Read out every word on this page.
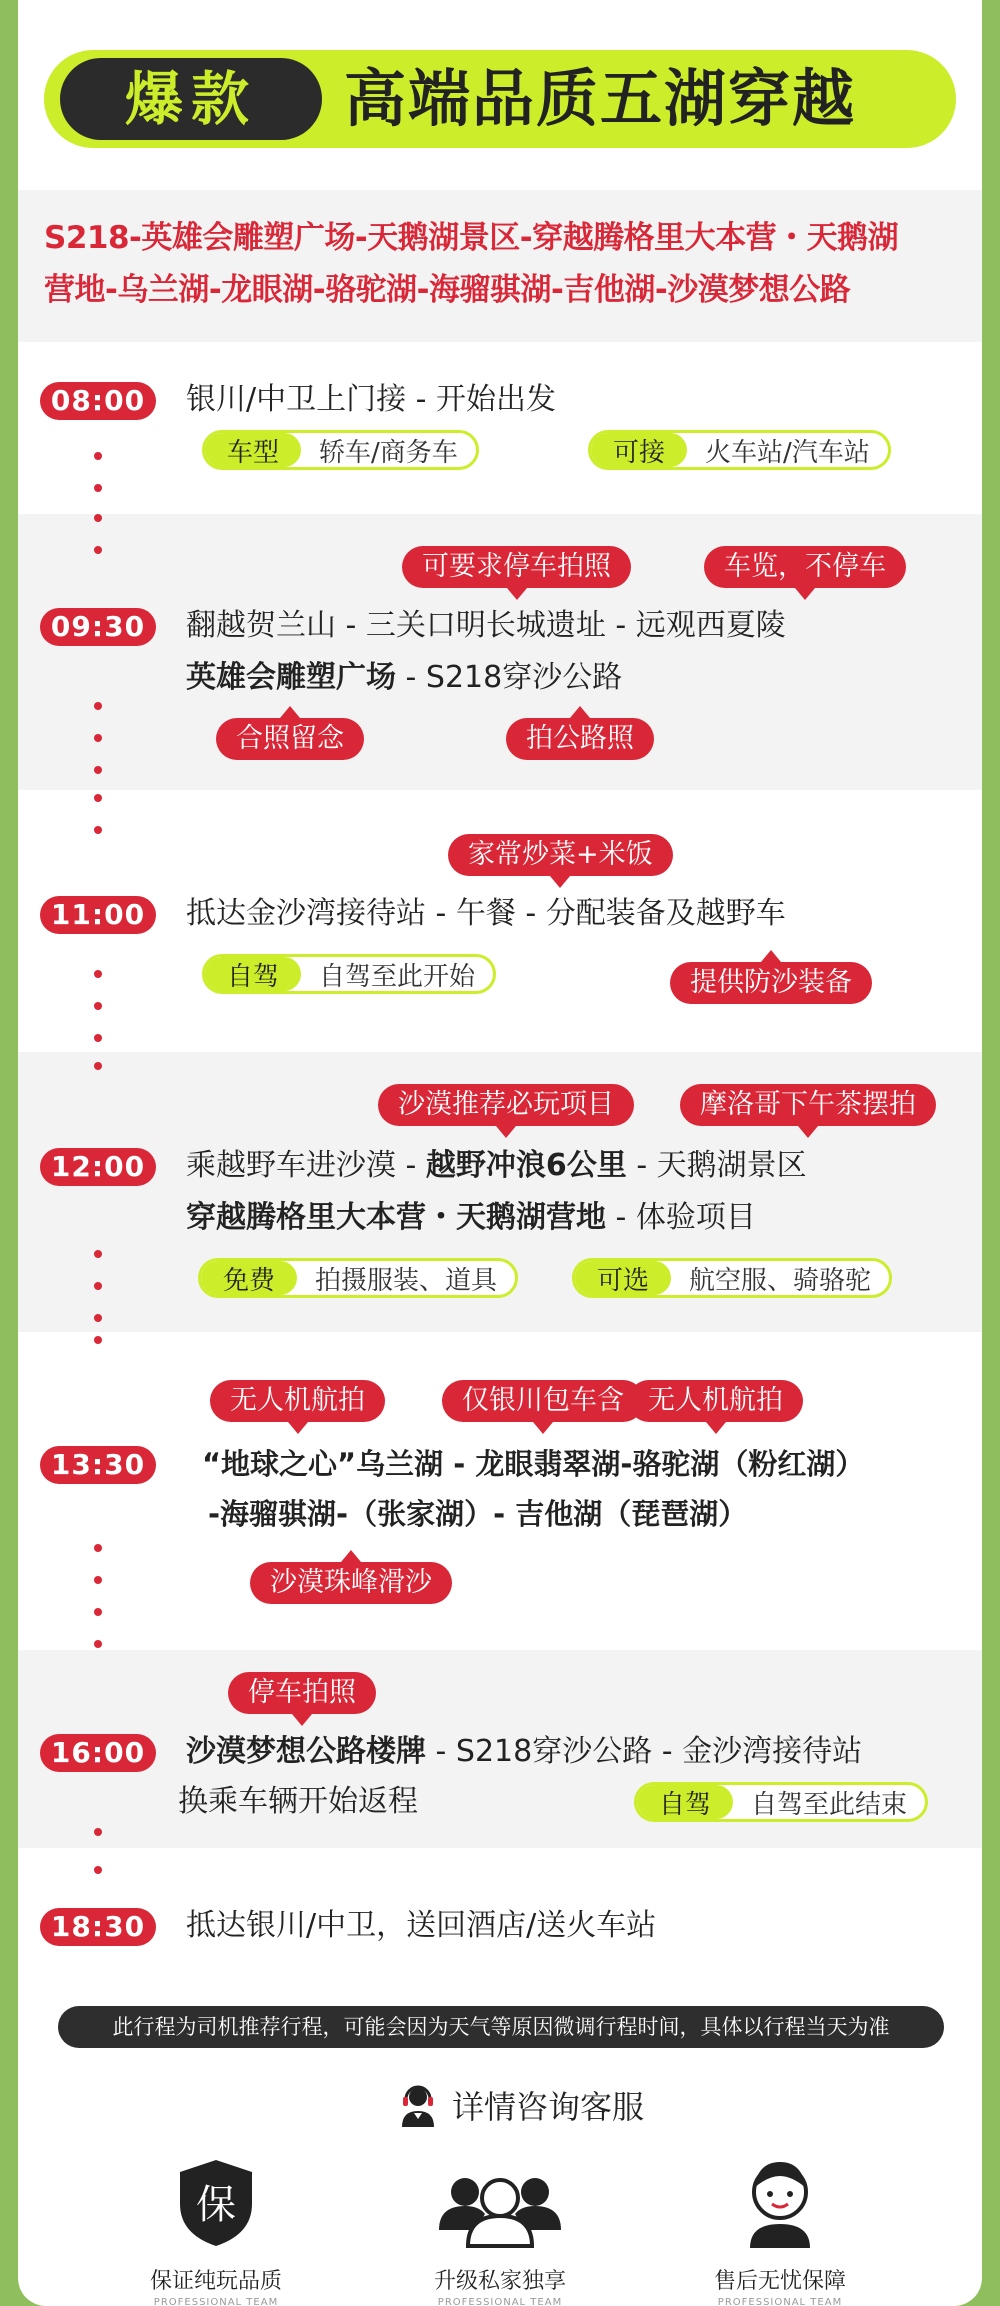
爆款	高端品质五湖穿越
S218-英雄会雕塑广场-天鹅湖景区-穿越腾格里大本营・天鹅湖
营地-乌兰湖-龙眼湖-骆驼湖-海骝骐湖-吉他湖-沙漠梦想公路
08:00	银川/中卫上门接 - 开始出发
车型	轿车/商务车	可接	火车站/汽车站
可要求停车拍照	车览，不停车
09:30	翻越贺兰山 - 三关口明长城遗址 - 远观西夏陵
英雄会雕塑广场 - S218穿沙公路
合照留念	拍公路照
家常炒菜+米饭
11:00	抵达金沙湾接待站 - 午餐 - 分配装备及越野车
自驾	自驾至此开始	提供防沙装备
沙漠推荐必玩项目	摩洛哥下午茶摆拍
12:00	乘越野车进沙漠 - 越野冲浪6公里 - 天鹅湖景区
穿越腾格里大本营・天鹅湖营地 - 体验项目
免费	拍摄服装、道具	可选	航空服、骑骆驼
无人机航拍	仅银川包车含 无人机航拍
13:30	“地球之心”乌兰湖 - 龙眼翡翠湖-骆驼湖（粉红湖）
-海骝骐湖-（张家湖）- 吉他湖（琵琶湖）
沙漠珠峰滑沙
停车拍照
16:00	沙漠梦想公路楼牌 - S218穿沙公路 - 金沙湾接待站
换乘车辆开始返程	自驾	自驾至此结束
18:30	抵达银川/中卫，送回酒店/送火车站
此行程为司机推荐行程，可能会因为天气等原因微调行程时间，具体以行程当天为准
详情咨询客服
保
保证纯玩品质
PROFESSIONAL TEAM
升级私家独享
PROFESSIONAL TEAM
售后无忧保障
PROFESSIONAL TEAM
